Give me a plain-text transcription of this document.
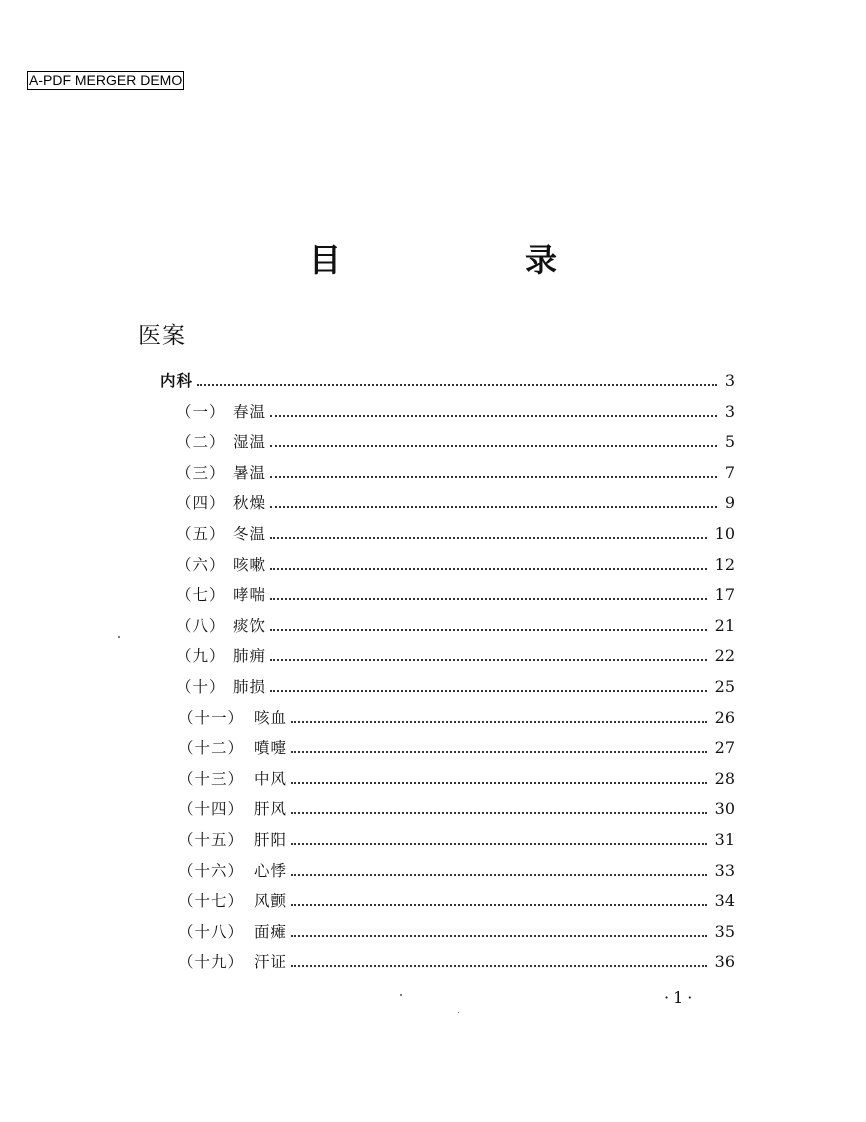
A-PDF MERGER DEMO
目　录
医案
内科	3
（一） 春温	3
（二） 湿温	5
（三） 暑温	7
（四） 秋燥	9
（五） 冬温	10
（六） 咳嗽	12
（七） 哮喘	17
（八） 痰饮	21
（九） 肺痈	22
（十） 肺损	25
（十一） 咳血	26
（十二） 噴嚏	27
（十三） 中风	28
（十四） 肝风	30
（十五） 肝阳	31
（十六） 心悸	33
（十七） 风颤	34
（十八） 面瘫	35
（十九） 汗证	36
·1·
